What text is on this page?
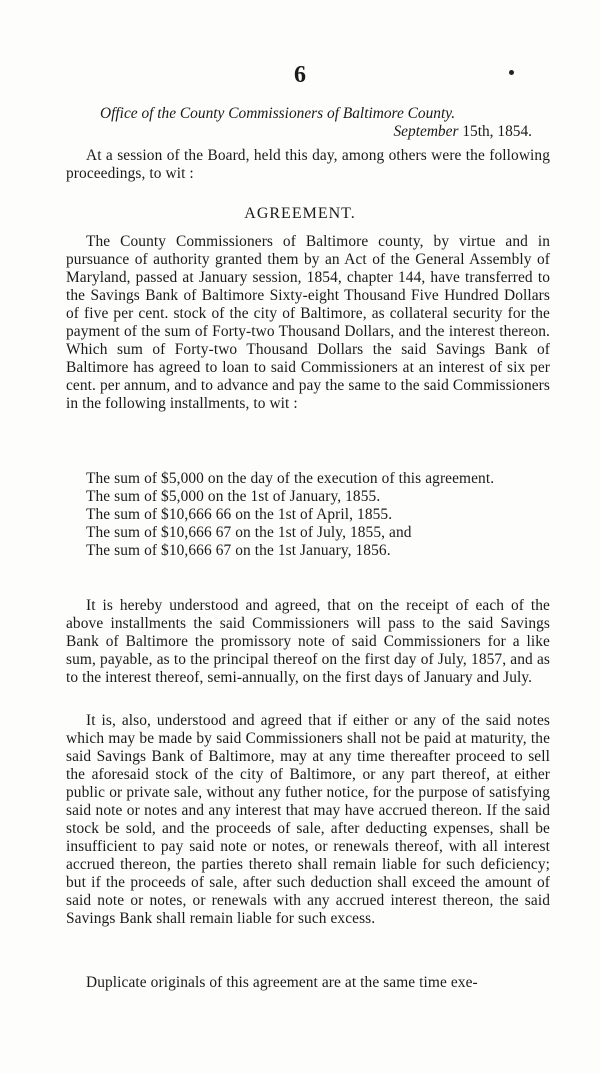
6
Office of the County Commissioners of Baltimore County.
September 15th, 1854.

At a session of the Board, held this day, among others were the following proceedings, to wit :

AGREEMENT.

The County Commissioners of Baltimore county, by virtue and in pursuance of authority granted them by an Act of the General Assembly of Maryland, passed at January session, 1854, chapter 144, have transferred to the Savings Bank of Baltimore Sixty-eight Thousand Five Hundred Dollars of five per cent. stock of the city of Baltimore, as collateral security for the payment of the sum of Forty-two Thousand Dollars, and the interest thereon. Which sum of Forty-two Thousand Dollars the said Savings Bank of Baltimore has agreed to loan to said Commissioners at an interest of six per cent. per annum, and to advance and pay the same to the said Commissioners in the following installments, to wit :

The sum of $5,000 on the day of the execution of this agreement.

The sum of $5,000 on the 1st of January, 1855.

The sum of $10,666 66 on the 1st of April, 1855.

The sum of $10,666 67 on the 1st of July, 1855, and

The sum of $10,666 67 on the 1st January, 1856.

It is hereby understood and agreed, that on the receipt of each of the above installments the said Commissioners will pass to the said Savings Bank of Baltimore the promissory note of said Commissioners for a like sum, payable, as to the principal thereof on the first day of July, 1857, and as to the interest thereof, semi-annually, on the first days of January and July.

It is, also, understood and agreed that if either or any of the said notes which may be made by said Commissioners shall not be paid at maturity, the said Savings Bank of Baltimore, may at any time thereafter proceed to sell the aforesaid stock of the city of Baltimore, or any part thereof, at either public or private sale, without any futher notice, for the purpose of satisfying said note or notes and any interest that may have accrued thereon. If the said stock be sold, and the proceeds of sale, after deducting expenses, shall be insufficient to pay said note or notes, or renewals thereof, with all interest accrued thereon, the parties thereto shall remain liable for such deficiency; but if the proceeds of sale, after such deduction shall exceed the amount of said note or notes, or renewals with any accrued interest thereon, the said Savings Bank shall remain liable for such excess.

Duplicate originals of this agreement are at the same time exe-
